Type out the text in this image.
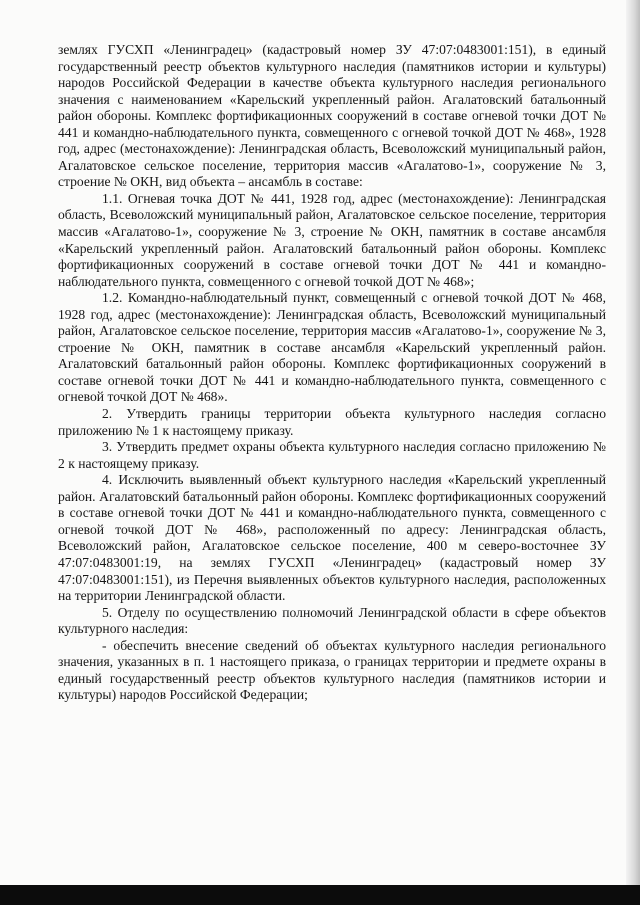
землях ГУСХП «Ленинградец» (кадастровый номер ЗУ 47:07:0483001:151), в единый государственный реестр объектов культурного наследия (памятников истории и культуры) народов Российской Федерации в качестве объекта культурного наследия регионального значения с наименованием «Карельский укрепленный район. Агалатовский батальонный район обороны. Комплекс фортификационных сооружений в составе огневой точки ДОТ № 441 и командно-наблюдательного пункта, совмещенного с огневой точкой ДОТ № 468», 1928 год, адрес (местонахождение): Ленинградская область, Всеволожский муниципальный район, Агалатовское сельское поселение, территория массив «Агалатово-1», сооружение № 3, строение № ОКН, вид объекта – ансамбль в составе:

1.1. Огневая точка ДОТ № 441, 1928 год, адрес (местонахождение): Ленинградская область, Всеволожский муниципальный район, Агалатовское сельское поселение, территория массив «Агалатово-1», сооружение № 3, строение № ОКН, памятник в составе ансамбля «Карельский укрепленный район. Агалатовский батальонный район обороны. Комплекс фортификационных сооружений в составе огневой точки ДОТ № 441 и командно-наблюдательного пункта, совмещенного с огневой точкой ДОТ № 468»;

1.2. Командно-наблюдательный пункт, совмещенный с огневой точкой ДОТ № 468, 1928 год, адрес (местонахождение): Ленинградская область, Всеволожский муниципальный район, Агалатовское сельское поселение, территория массив «Агалатово-1», сооружение № 3, строение № ОКН, памятник в составе ансамбля «Карельский укрепленный район. Агалатовский батальонный район обороны. Комплекс фортификационных сооружений в составе огневой точки ДОТ № 441 и командно-наблюдательного пункта, совмещенного с огневой точкой ДОТ № 468».

2. Утвердить границы территории объекта культурного наследия согласно приложению № 1 к настоящему приказу.

3. Утвердить предмет охраны объекта культурного наследия согласно приложению № 2 к настоящему приказу.

4. Исключить выявленный объект культурного наследия «Карельский укрепленный район. Агалатовский батальонный район обороны. Комплекс фортификационных сооружений в составе огневой точки ДОТ № 441 и командно-наблюдательного пункта, совмещенного с огневой точкой ДОТ № 468», расположенный по адресу: Ленинградская область, Всеволожский район, Агалатовское сельское поселение, 400 м северо-восточнее ЗУ 47:07:0483001:19, на землях ГУСХП «Ленинградец» (кадастровый номер ЗУ 47:07:0483001:151), из Перечня выявленных объектов культурного наследия, расположенных на территории Ленинградской области.

5. Отделу по осуществлению полномочий Ленинградской области в сфере объектов культурного наследия:

- обеспечить внесение сведений об объектах культурного наследия регионального значения, указанных в п. 1 настоящего приказа, о границах территории и предмете охраны в единый государственный реестр объектов культурного наследия (памятников истории и культуры) народов Российской Федерации;
